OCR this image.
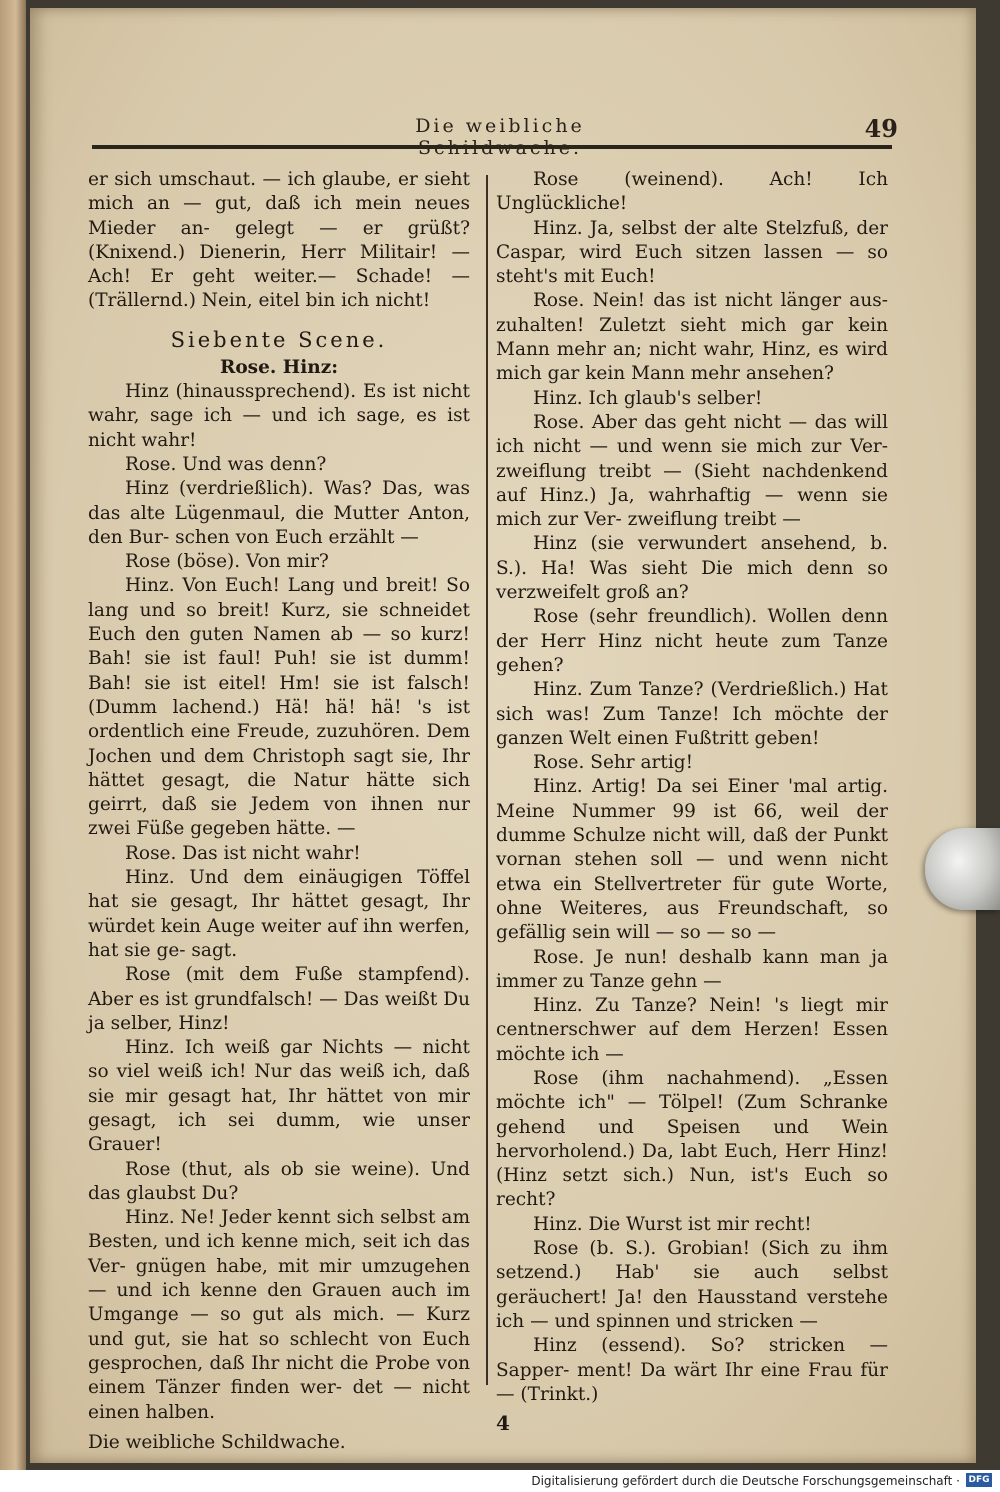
Die weibliche	49

er sich umschaut. — ich glaube, er sieht mich an — gut, daß ich mein neues Mieder an- gelegt — er grüßt? (Knixend.) Dienerin, Herr Militair! — Ach! Er geht weiter.— Schade! — (Trällernd.) Nein, eitel bin ich nicht!

Siebente Scene.

Rose. Hinz:

Hinz (hinaussprechend). Es ist nicht wahr, sage ich — und ich sage, es ist nicht wahr!

Rose. Und was denn?

Hinz (verdrießlich). Was? Das, was das alte Lügenmaul, die Mutter Anton, den Bur- schen von Euch erzählt —

Rose (böse). Von mir?

Hinz. Von Euch! Lang und breit! So lang und so breit! Kurz, sie schneidet Euch den guten Namen ab — so kurz! Bah! sie ist faul! Puh! sie ist dumm! Bah! sie ist eitel! Hm! sie ist falsch! (Dumm lachend.) Hä! hä! hä! 's ist ordentlich eine Freude, zuzuhören. Dem Jochen und dem Christoph sagt sie, Ihr hättet gesagt, die Natur hätte sich geirrt, daß sie Jedem von ihnen nur zwei Füße gegeben hätte. —

Rose. Das ist nicht wahr!

Hinz. Und dem einäugigen Töffel hat sie gesagt, Ihr hättet gesagt, Ihr würdet kein Auge weiter auf ihn werfen, hat sie ge- sagt.

Rose (mit dem Fuße stampfend). Aber es ist grundfalsch! — Das weißt Du ja selber, Hinz!

Hinz. Ich weiß gar Nichts — nicht so viel weiß ich! Nur das weiß ich, daß sie mir gesagt hat, Ihr hättet von mir gesagt, ich sei dumm, wie unser Grauer!

Rose (thut, als ob sie weine). Und das glaubst Du?

Hinz. Ne! Jeder kennt sich selbst am Besten, und ich kenne mich, seit ich das Ver- gnügen habe, mit mir umzugehen — und ich kenne den Grauen auch im Umgange — so gut als mich. — Kurz und gut, sie hat so schlecht von Euch gesprochen, daß Ihr nicht die Probe von einem Tänzer finden wer- det — nicht einen halben.

Die weibliche Schildwache.

Rose (weinend). Ach! Ich Unglückliche!

Hinz. Ja, selbst der alte Stelzfuß, der Caspar, wird Euch sitzen lassen — so steht's mit Euch!

Rose. Nein! das ist nicht länger aus- zuhalten! Zuletzt sieht mich gar kein Mann mehr an; nicht wahr, Hinz, es wird mich gar kein Mann mehr ansehen?

Hinz. Ich glaub's selber!

Rose. Aber das geht nicht — das will ich nicht — und wenn sie mich zur Ver- zweiflung treibt — (Sieht nachdenkend auf Hinz.) Ja, wahrhaftig — wenn sie mich zur Ver- zweiflung treibt —

Hinz (sie verwundert ansehend, b. S.). Ha! Was sieht Die mich denn so verzweifelt groß an?

Rose (sehr freundlich). Wollen denn der Herr Hinz nicht heute zum Tanze gehen?

Hinz. Zum Tanze? (Verdrießlich.) Hat sich was! Zum Tanze! Ich möchte der ganzen Welt einen Fußtritt geben!

Rose. Sehr artig!

Hinz. Artig! Da sei Einer 'mal artig. Meine Nummer 99 ist 66, weil der dumme Schulze nicht will, daß der Punkt vornan stehen soll — und wenn nicht etwa ein Stellvertreter für gute Worte, ohne Weiteres, aus Freundschaft, so gefällig sein will — so — so —

Rose. Je nun! deshalb kann man ja immer zu Tanze gehn —

Hinz. Zu Tanze? Nein! 's liegt mir centnerschwer auf dem Herzen! Essen möchte ich —

Rose (ihm nachahmend). „Essen möchte ich" — Tölpel! (Zum Schranke gehend und Speisen und Wein hervorholend.) Da, labt Euch, Herr Hinz! (Hinz setzt sich.) Nun, ist's Euch so recht?

Hinz. Die Wurst ist mir recht!

Rose (b. S.). Grobian! (Sich zu ihm setzend.) Hab' sie auch selbst geräuchert! Ja! den Hausstand verstehe ich — und spinnen und stricken —

Hinz (essend). So? stricken — Sapper- ment! Da wärt Ihr eine Frau für — (Trinkt.)

4

Digitalisierung gefördert durch die Deutsche Forschungsgemeinschaft · DFG
